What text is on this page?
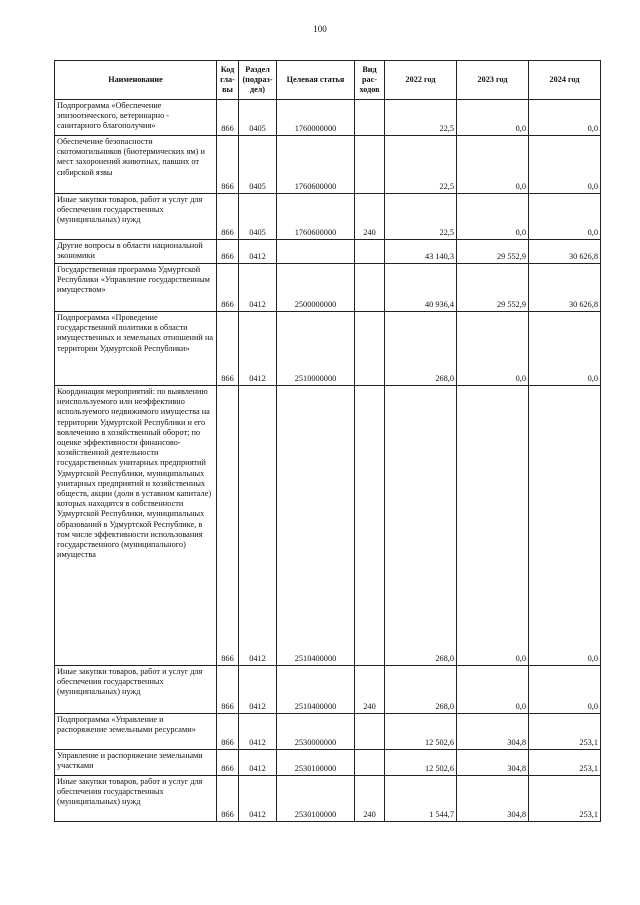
100
Наименование	Код гла-вы	Раздел (подраз-дел)	Целевая статья	Вид рас-ходов	2022 год	2023 год	2024 год
Подпрограмма «Обеспечение эпизоотического, ветеринарно - санитарного благополучия»	866	0405	1760000000		22,5	0,0	0,0
Обеспечение безопасности скотомогильников (биотермических ям) и мест захоронений животных, павших от сибирской язвы	866	0405	1760600000		22,5	0,0	0,0
Иные закупки товаров, работ и услуг для обеспечения государственных (муниципальных) нужд	866	0405	1760600000	240	22,5	0,0	0,0
Другие вопросы в области национальной экономики	866	0412			43 140,3	29 552,9	30 626,8
Государственная программа Удмуртской Республики «Управление государственным имуществом»	866	0412	2500000000		40 936,4	29 552,9	30 626,8
Подпрограмма «Проведение государственной политики в области имущественных и земельных отношений на территории Удмуртской Республики»	866	0412	2510000000		268,0	0,0	0,0
Координация мероприятий: по выявлению неиспользуемого или неэффективно используемого недвижимого имущества на территории Удмуртской Республики и его вовлечению в хозяйственный оборот; по оценке эффективности финансово-хозяйственной деятельности государственных унитарных предприятий Удмуртской Республики, муниципальных унитарных предприятий и хозяйственных обществ, акции (доли в уставном капитале) которых находятся в собственности Удмуртской Республики, муниципальных образований в Удмуртской Республике, в том числе эффективности использования государственного (муниципального) имущества	866	0412	2510400000		268,0	0,0	0,0
Иные закупки товаров, работ и услуг для обеспечения государственных (муниципальных) нужд	866	0412	2510400000	240	268,0	0,0	0,0
Подпрограмма «Управление и распоряжение земельными ресурсами»	866	0412	2530000000		12 502,6	304,8	253,1
Управление и распоряжение земельными участками	866	0412	2530100000		12 502,6	304,8	253,1
Иные закупки товаров, работ и услуг для обеспечения государственных (муниципальных) нужд	866	0412	2530100000	240	1 544,7	304,8	253,1
